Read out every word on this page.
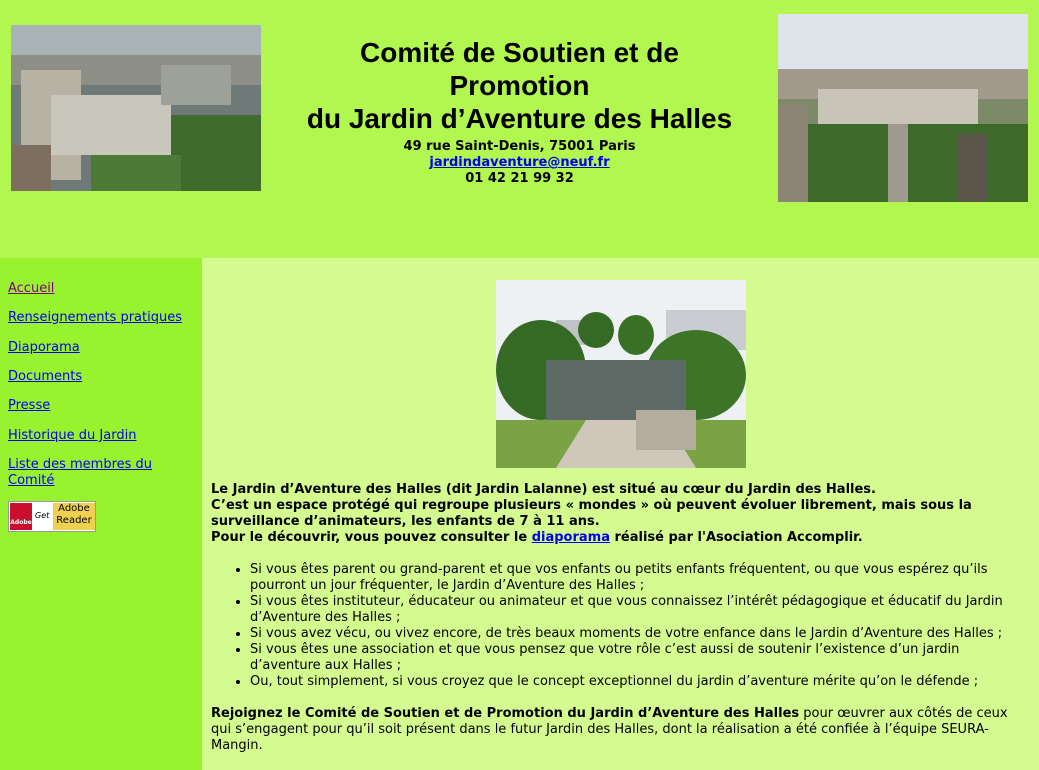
Comité de Soutien et de
Promotion
du Jardin d’Aventure des Halles
49 rue Saint-Denis, 75001 Paris
jardindaventure@neuf.fr
01 42 21 99 32
Accueil
Renseignements pratiques
Diaporama
Documents
Presse
Historique du Jardin
Liste des membres du Comité
Adobe
Get
Adobe
Reader

Le Jardin d’Aventure des Halles (dit Jardin Lalanne) est situé au cœur du Jardin des Halles.

C’est un espace protégé qui regroupe plusieurs « mondes » où peuvent évoluer librement, mais sous la surveillance d’animateurs, les enfants de 7 à 11 ans.

Pour le découvrir, vous pouvez consulter le diaporama réalisé par l'Asociation Accomplir.

• Si vous êtes parent ou grand-parent et que vos enfants ou petits enfants fréquentent, ou que vous espérez qu’ils pourront un jour fréquenter, le Jardin d’Aventure des Halles ;
• Si vous êtes instituteur, éducateur ou animateur et que vous connaissez l’intérêt pédagogique et éducatif du Jardin d’Aventure des Halles ;
• Si vous avez vécu, ou vivez encore, de très beaux moments de votre enfance dans le Jardin d’Aventure des Halles ;
• Si vous êtes une association et que vous pensez que votre rôle c’est aussi de soutenir l’existence d’un jardin d’aventure aux Halles ;
• Ou, tout simplement, si vous croyez que le concept exceptionnel du jardin d’aventure mérite qu’on le défende ;

Rejoignez le Comité de Soutien et de Promotion du Jardin d’Aventure des Halles pour œuvrer aux côtés de ceux qui s’engagent pour qu’il soit présent dans le futur Jardin des Halles, dont la réalisation a été confiée à l’équipe SEURA-Mangin.
